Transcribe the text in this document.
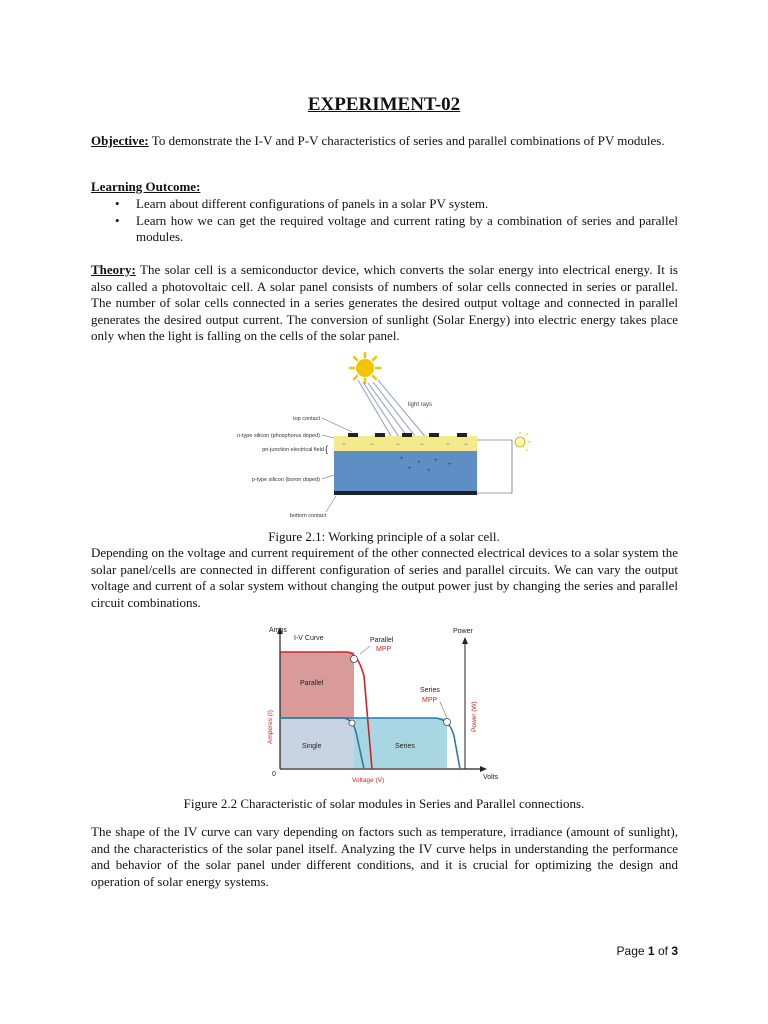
EXPERIMENT-02
Objective: To demonstrate the I-V and P-V characteristics of series and parallel combinations of PV modules.
Learning Outcome:
• Learn about different configurations of panels in a solar PV system.
• Learn how we can get the required voltage and current rating by a combination of series and parallel modules.
Theory: The solar cell is a semiconductor device, which converts the solar energy into electrical energy. It is also called a photovoltaic cell. A solar panel consists of numbers of solar cells connected in series or parallel. The number of solar cells connected in a series generates the desired output voltage and connected in parallel generates the desired output current. The conversion of sunlight (Solar Energy) into electric energy takes place only when the light is falling on the cells of the solar panel.
light rays
+
+ +
+
+	+
−	−	−	−	− −
top contact
n-type silicon (phosphorus doped)
pn-junction electrical field
p-type silicon (boron doped)
bottom contact
{
Figure 2.1: Working principle of a solar cell.
Depending on the voltage and current requirement of the other connected electrical devices to a solar system the solar panel/cells are connected in different configuration of series and parallel circuits. We can vary the output voltage and current of a solar system without changing the output power just by changing the series and parallel circuit combinations.
Amps	Power
I-V Curve	Parallel
MPP
Parallel
Series
MPP
Single	Series
0
Voltage (V)	Volts
Amperes (I)	Power (W)
Figure 2.2 Characteristic of solar modules in Series and Parallel connections.
The shape of the IV curve can vary depending on factors such as temperature, irradiance (amount of sunlight), and the characteristics of the solar panel itself. Analyzing the IV curve helps in understanding the performance and behavior of the solar panel under different conditions, and it is crucial for optimizing the design and operation of solar energy systems.
Page 1 of 3
